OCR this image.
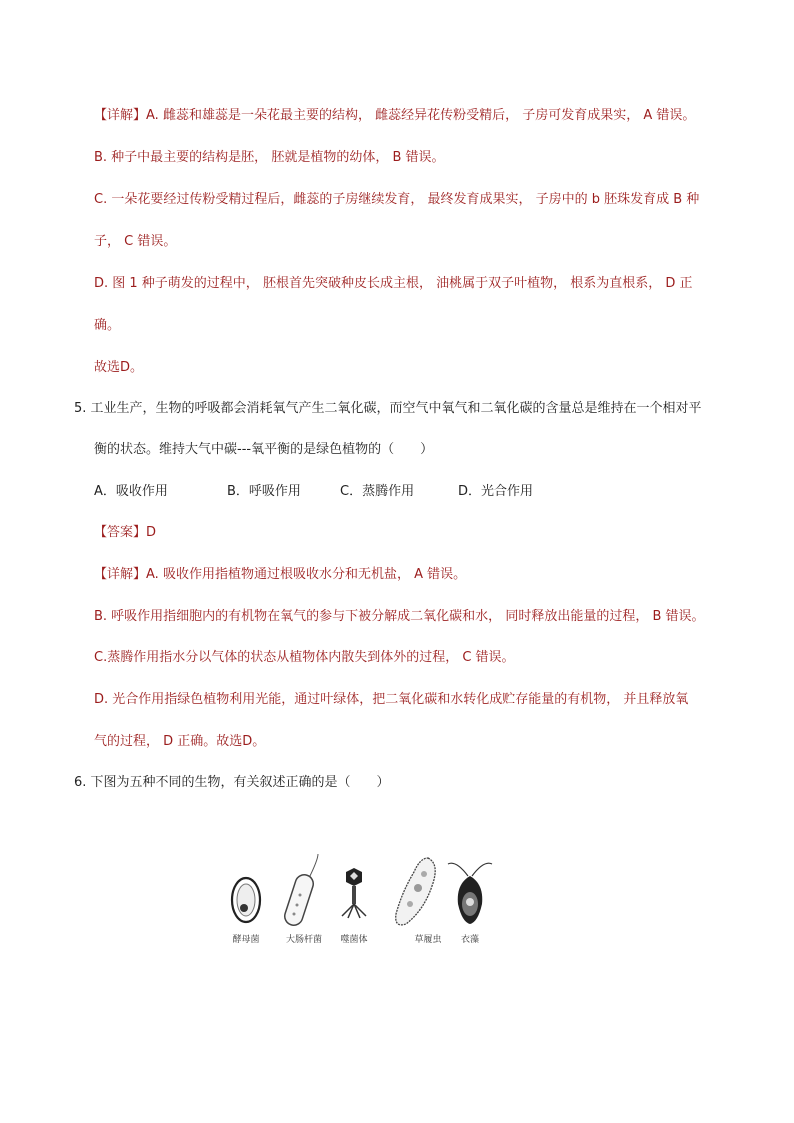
【详解】A. 雌蕊和雄蕊是一朵花最主要的结构， 雌蕊经异花传粉受精后， 子房可发育成果实， A 错误。
B. 种子中最主要的结构是胚， 胚就是植物的幼体， B 错误。
C. 一朵花要经过传粉受精过程后，雌蕊的子房继续发育， 最终发育成果实， 子房中的 b 胚珠发育成 B 种
子， C 错误。
D. 图 1 种子萌发的过程中， 胚根首先突破种皮长成主根， 油桃属于双子叶植物， 根系为直根系， D 正
确。
故选D。
5. 工业生产，生物的呼吸都会消耗氧气产生二氧化碳，而空气中氧气和二氧化碳的含量总是维持在一个相对平
衡的状态。维持大气中碳---氧平衡的是绿色植物的（　　）
A．吸收作用	B．呼吸作用	C．蒸腾作用	D．光合作用
【答案】D
【详解】A. 吸收作用指植物通过根吸收水分和无机盐， A 错误。
B. 呼吸作用指细胞内的有机物在氧气的参与下被分解成二氧化碳和水， 同时释放出能量的过程， B 错误。
C.蒸腾作用指水分以气体的状态从植物体内散失到体外的过程， C 错误。
D. 光合作用指绿色植物利用光能，通过叶绿体，把二氧化碳和水转化成贮存能量的有机物， 并且释放氧
气的过程， D 正确。故选D。
6. 下图为五种不同的生物，有关叙述正确的是（　　）
酵母菌	大肠杆菌	噬菌体	草履虫	衣藻
